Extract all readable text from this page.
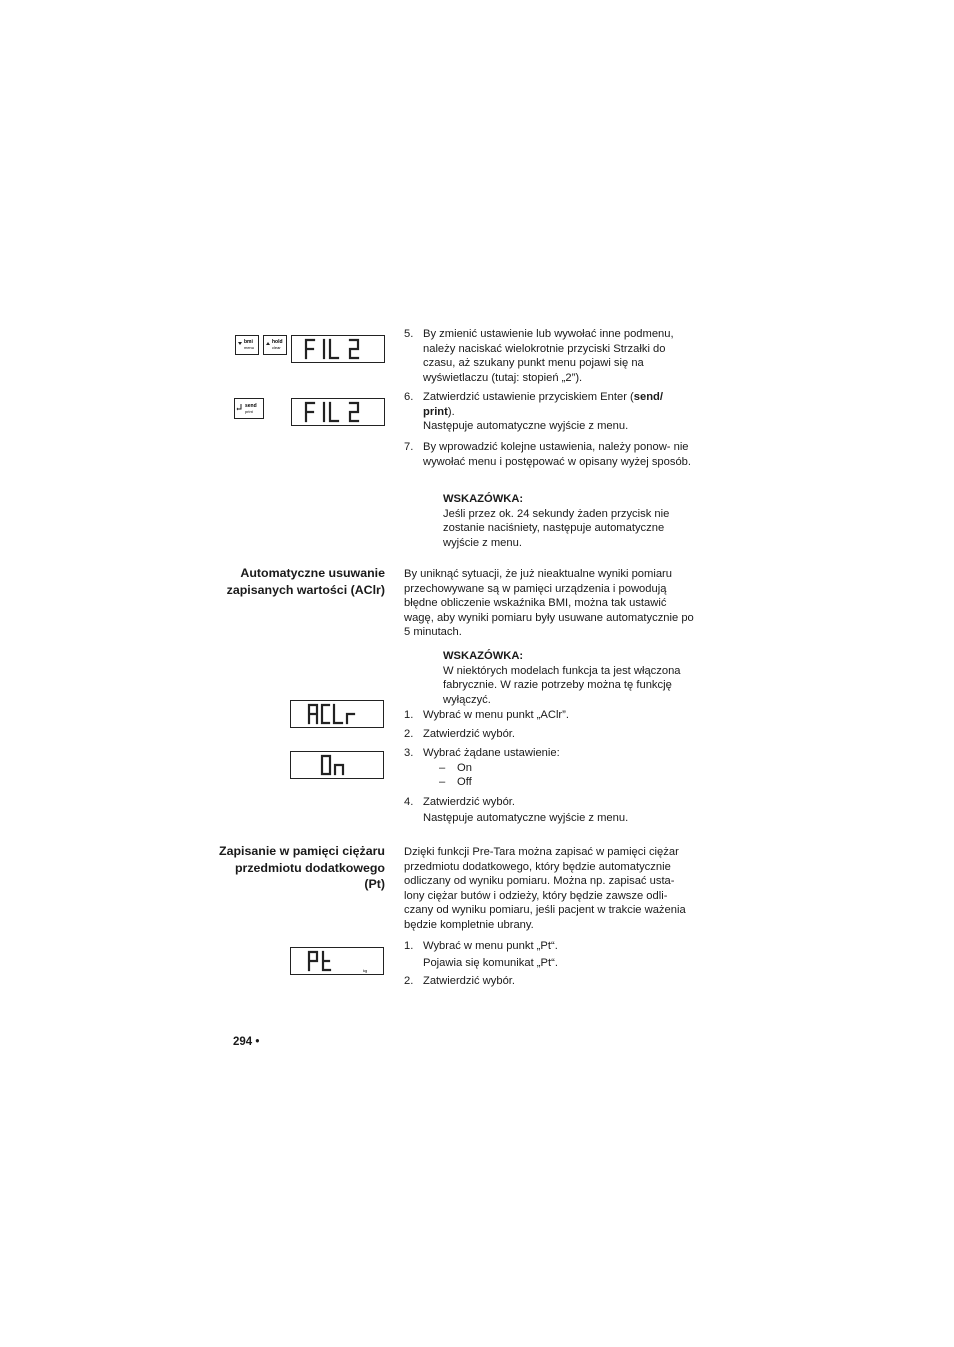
bmi
menu
hold
clear
send
print
kg
5. By zmienić ustawienie lub wywołać inne podmenu, należy naciskać wielokrotnie przyciski Strzałki do czasu, aż szukany punkt menu pojawi się na wyświetlaczu (tutaj: stopień „2”).
6. Zatwierdzić ustawienie przyciskiem Enter (send/ print).
Następuje automatyczne wyjście z menu.
7. By wprowadzić kolejne ustawienia, należy ponow- nie wywołać menu i postępować w opisany wyżej sposób.
WSKAZÓWKA:
Jeśli przez ok. 24 sekundy żaden przycisk nie zostanie naciśniety, następuje automatyczne wyjście z menu.
Automatyczne usuwanie zapisanych wartości (AClr)
By uniknąć sytuacji, że już nieaktualne wyniki pomiaru przechowywane są w pamięci urządzenia i powodują błędne obliczenie wskaźnika BMI, można tak ustawić wagę, aby wyniki pomiaru były usuwane automatycznie po 5 minutach.
WSKAZÓWKA:
W niektórych modelach funkcja ta jest włączona fabrycznie. W razie potrzeby można tę funkcję wyłączyć.
1. Wybrać w menu punkt „AClr”.
2. Zatwierdzić wybór.
3. Wybrać żądane ustawienie:
– On
– Off
4. Zatwierdzić wybór.
Następuje automatyczne wyjście z menu.
Zapisanie w pamięci ciężaru przedmiotu dodatkowego (Pt)
Dzięki funkcji Pre-Tara można zapisać w pamięci ciężar przedmiotu dodatkowego, który będzie automatycznie odliczany od wyniku pomiaru. Można np. zapisać usta- lony ciężar butów i odzieży, który będzie zawsze odli- czany od wyniku pomiaru, jeśli pacjent w trakcie ważenia będzie kompletnie ubrany.
1. Wybrać w menu punkt „Pt“.
Pojawia się komunikat „Pt“.
2. Zatwierdzić wybór.
294 •
